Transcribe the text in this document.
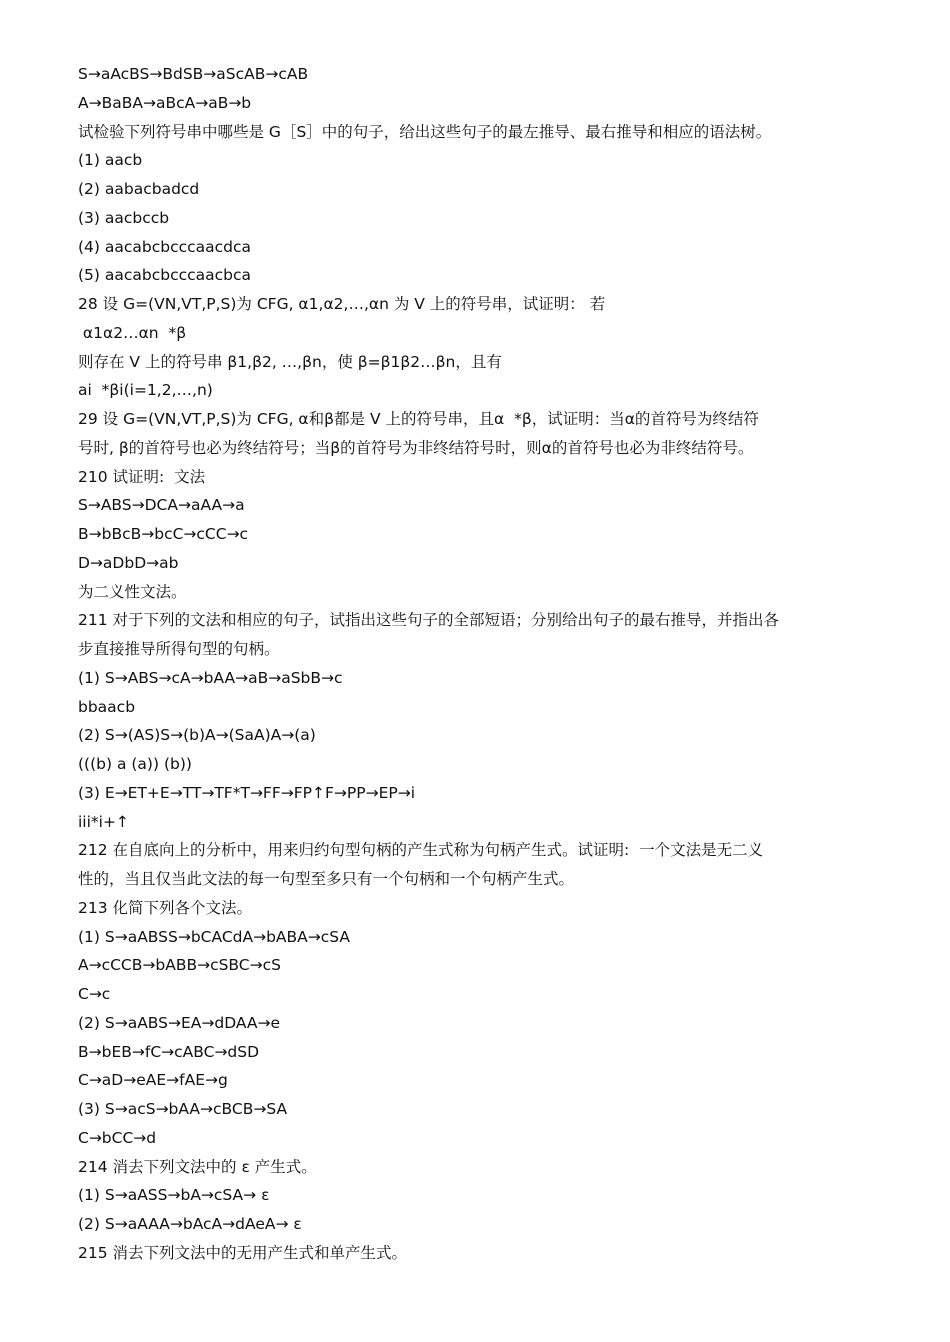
S→aAcBS→BdSB→aScAB→cAB
A→BaBA→aBcA→aB→b
试检验下列符号串中哪些是 G［S］中的句子，给出这些句子的最左推导、最右推导和相应的语法树。
(1) aacb
(2) aabacbadcd
(3) aacbccb
(4) aacabcbcccaacdca
(5) aacabcbcccaacbca
28 设 G=(VN,VT,P,S)为 CFG, α1,α2,…,αn 为 V 上的符号串，试证明： 若
α1α2…αn  *β
则存在 V 上的符号串 β1,β2, …,βn，使 β=β1β2…βn，且有
ai  *βi(i=1,2,…,n)
29 设 G=(VN,VT,P,S)为 CFG, α和β都是 V 上的符号串，且α  *β，试证明：当α的首符号为终结符
号时, β的首符号也必为终结符号；当β的首符号为非终结符号时，则α的首符号也必为非终结符号。
210 试证明:  文法
S→ABS→DCA→aAA→a
B→bBcB→bcC→cCC→c
D→aDbD→ab
为二义性文法。
211 对于下列的文法和相应的句子，试指出这些句子的全部短语；分别给出句子的最右推导，并指出各
步直接推导所得句型的句柄。
(1) S→ABS→cA→bAA→aB→aSbB→c
bbaacb
(2) S→(AS)S→(b)A→(SaA)A→(a)
(((b) a (a)) (b))
(3) E→ET+E→TT→TF*T→FF→FP↑F→PP→EP→i
iii*i+↑
212 在自底向上的分析中，用来归约句型句柄的产生式称为句柄产生式。试证明:  一个文法是无二义
性的，当且仅当此文法的每一句型至多只有一个句柄和一个句柄产生式。
213 化简下列各个文法。
(1) S→aABSS→bCACdA→bABA→cSA
A→cCCB→bABB→cSBC→cS
C→c
(2) S→aABS→EA→dDAA→e
B→bEB→fC→cABC→dSD
C→aD→eAE→fAE→g
(3) S→acS→bAA→cBCB→SA
C→bCC→d
214 消去下列文法中的 ε 产生式。
(1) S→aASS→bA→cSA→ ε
(2) S→aAAA→bAcA→dAeA→ ε
215 消去下列文法中的无用产生式和单产生式。
